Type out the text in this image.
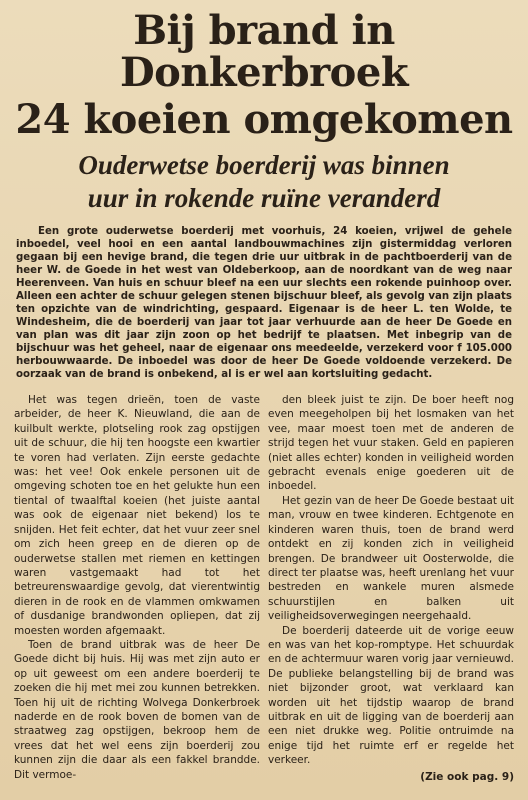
Bij brand in Donkerbroek
24 koeien omgekomen
Ouderwetse boerderij was binnen
uur in rokende ruïne veranderd

Een grote ouderwetse boerderij met voorhuis, 24 koeien, vrijwel de gehele inboedel, veel hooi en een aantal landbouwmachines zijn gistermiddag verloren gegaan bij een hevige brand, die tegen drie uur uitbrak in de pachtboerderij van de heer W. de Goede in het west van Oldeberkoop, aan de noordkant van de weg naar Heerenveen. Van huis en schuur bleef na een uur slechts een rokende puinhoop over. Alleen een achter de schuur gelegen stenen bijschuur bleef, als gevolg van zijn plaats ten opzichte van de windrichting, gespaard. Eigenaar is de heer L. ten Wolde, te Windesheim, die de boerderij van jaar tot jaar verhuurde aan de heer De Goede en van plan was dit jaar zijn zoon op het bedrijf te plaatsen. Met inbegrip van de bijschuur was het geheel, naar de eigenaar ons meedeelde, verzekerd voor f 105.000 herbouwwaarde. De inboedel was door de heer De Goede voldoende verzekerd. De oorzaak van de brand is onbekend, al is er wel aan kortsluiting gedacht.

Het was tegen drieën, toen de vaste arbeider, de heer K. Nieuwland, die aan de kuilbult werkte, plotseling rook zag opstijgen uit de schuur, die hij ten hoogste een kwartier te voren had verlaten. Zijn eerste gedachte was: het vee! Ook enkele personen uit de omgeving schoten toe en het gelukte hun een tiental of twaalftal koeien (het juiste aantal was ook de eigenaar niet bekend) los te snijden. Het feit echter, dat het vuur zeer snel om zich heen greep en de dieren op de ouderwetse stallen met riemen en kettingen waren vastgemaakt had tot het betreurenswaardige gevolg, dat vierentwintig dieren in de rook en de vlammen omkwamen of dusdanige brandwonden opliepen, dat zij moesten worden afgemaakt.

Toen de brand uitbrak was de heer De Goede dicht bij huis. Hij was met zijn auto er op uit geweest om een andere boerderij te zoeken die hij met mei zou kunnen betrekken. Toen hij uit de richting Wolvega Donkerbroek naderde en de rook boven de bomen van de straatweg zag opstijgen, bekroop hem de vrees dat het wel eens zijn boerderij zou kunnen zijn die daar als een fakkel brandde. Dit vermoe-

den bleek juist te zijn. De boer heeft nog even meegeholpen bij het losmaken van het vee, maar moest toen met de anderen de strijd tegen het vuur staken. Geld en papieren (niet alles echter) konden in veiligheid worden gebracht evenals enige goederen uit de inboedel.

Het gezin van de heer De Goede bestaat uit man, vrouw en twee kinderen. Echtgenote en kinderen waren thuis, toen de brand werd ontdekt en zij konden zich in veiligheid brengen. De brandweer uit Oosterwolde, die direct ter plaatse was, heeft urenlang het vuur bestreden en wankele muren alsmede schuurstijlen en balken uit veiligheidsoverwegingen neergehaald.

De boerderij dateerde uit de vorige eeuw en was van het kop-romptype. Het schuurdak en de achtermuur waren vorig jaar vernieuwd. De publieke belangstelling bij de brand was niet bijzonder groot, wat verklaard kan worden uit het tijdstip waarop de brand uitbrak en uit de ligging van de boerderij aan een niet drukke weg. Politie ontruimde na enige tijd het ruimte erf er regelde het verkeer.

(Zie ook pag. 9)
